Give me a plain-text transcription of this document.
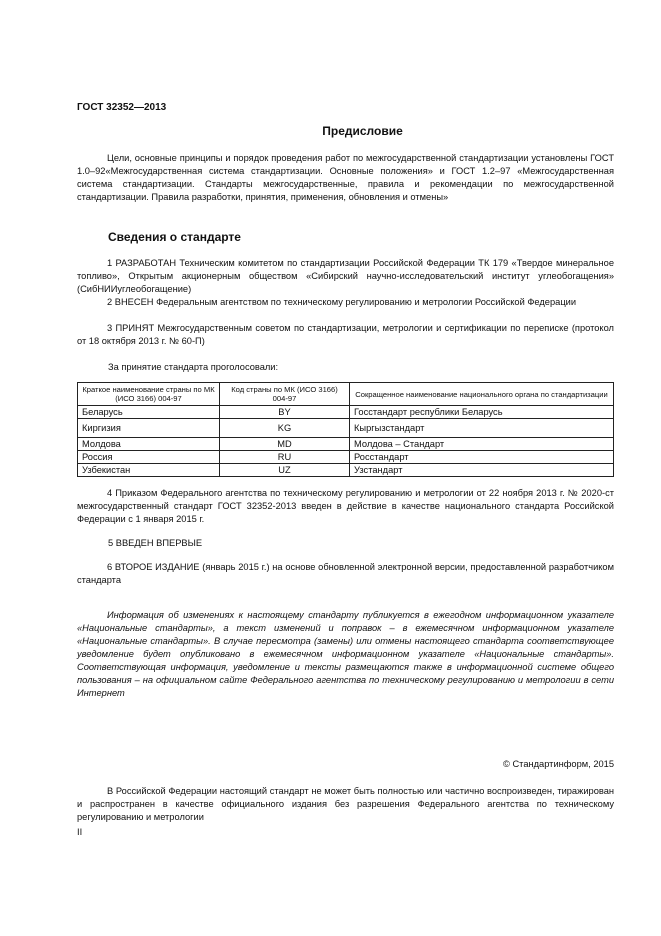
ГОСТ 32352—2013
Предисловие
Цели, основные принципы и порядок проведения работ по межгосударственной стандартизации установлены ГОСТ 1.0–92«Межгосударственная система стандартизации. Основные положения» и ГОСТ 1.2–97 «Межгосударственная система стандартизации. Стандарты межгосударственные, правила и рекомендации по межгосударственной стандартизации. Правила разработки, принятия, применения, обновления и отмены»
Сведения о стандарте
1 РАЗРАБОТАН Техническим комитетом по стандартизации Российской Федерации ТК 179 «Твердое минеральное топливо», Открытым акционерным обществом «Сибирский научно-исследовательский институт углеобогащения» (СибНИИуглеобогащение)
2 ВНЕСЕН Федеральным агентством по техническому регулированию и метрологии Российской Федерации
3 ПРИНЯТ Межгосударственным советом по стандартизации, метрологии и сертификации по переписке (протокол от 18 октября 2013 г. № 60-П)
За принятие стандарта проголосовали:
Краткое наименование страны по МК (ИСО 3166) 004-97	Код страны по МК (ИСО 3166) 004-97	Сокращенное наименование национального органа по стандартизации
Беларусь	BY	Госстандарт республики Беларусь
Киргизия	KG	Кыргызстандарт
Молдова	MD	Молдова – Стандарт
Россия	RU	Росстандарт
Узбекистан	UZ	Узстандарт
4 Приказом Федерального агентства по техническому регулированию и метрологии от 22 ноября 2013 г. № 2020-ст межгосударственный стандарт ГОСТ 32352-2013 введен в действие в качестве национального стандарта Российской Федерации с 1 января 2015 г.
5 ВВЕДЕН ВПЕРВЫЕ
6 ВТОРОЕ ИЗДАНИЕ (январь 2015 г.) на основе обновленной электронной версии, предоставленной разработчиком стандарта
Информация об изменениях к настоящему стандарту публикуется в ежегодном информационном указателе «Национальные стандарты», а текст изменений и поправок – в ежемесячном информационном указателе «Национальные стандарты». В случае пересмотра (замены) или отмены настоящего стандарта соответствующее уведомление будет опубликовано в ежемесячном информационном указателе «Национальные стандарты». Соответствующая информация, уведомление и тексты размещаются также в информационной системе общего пользования – на официальном сайте Федерального агентства по техническому регулированию и метрологии в сети Интернет
© Стандартинформ, 2015
В Российской Федерации настоящий стандарт не может быть полностью или частично воспроизведен, тиражирован и распространен в качестве официального издания без разрешения Федерального агентства по техническому регулированию и метрологии
II
